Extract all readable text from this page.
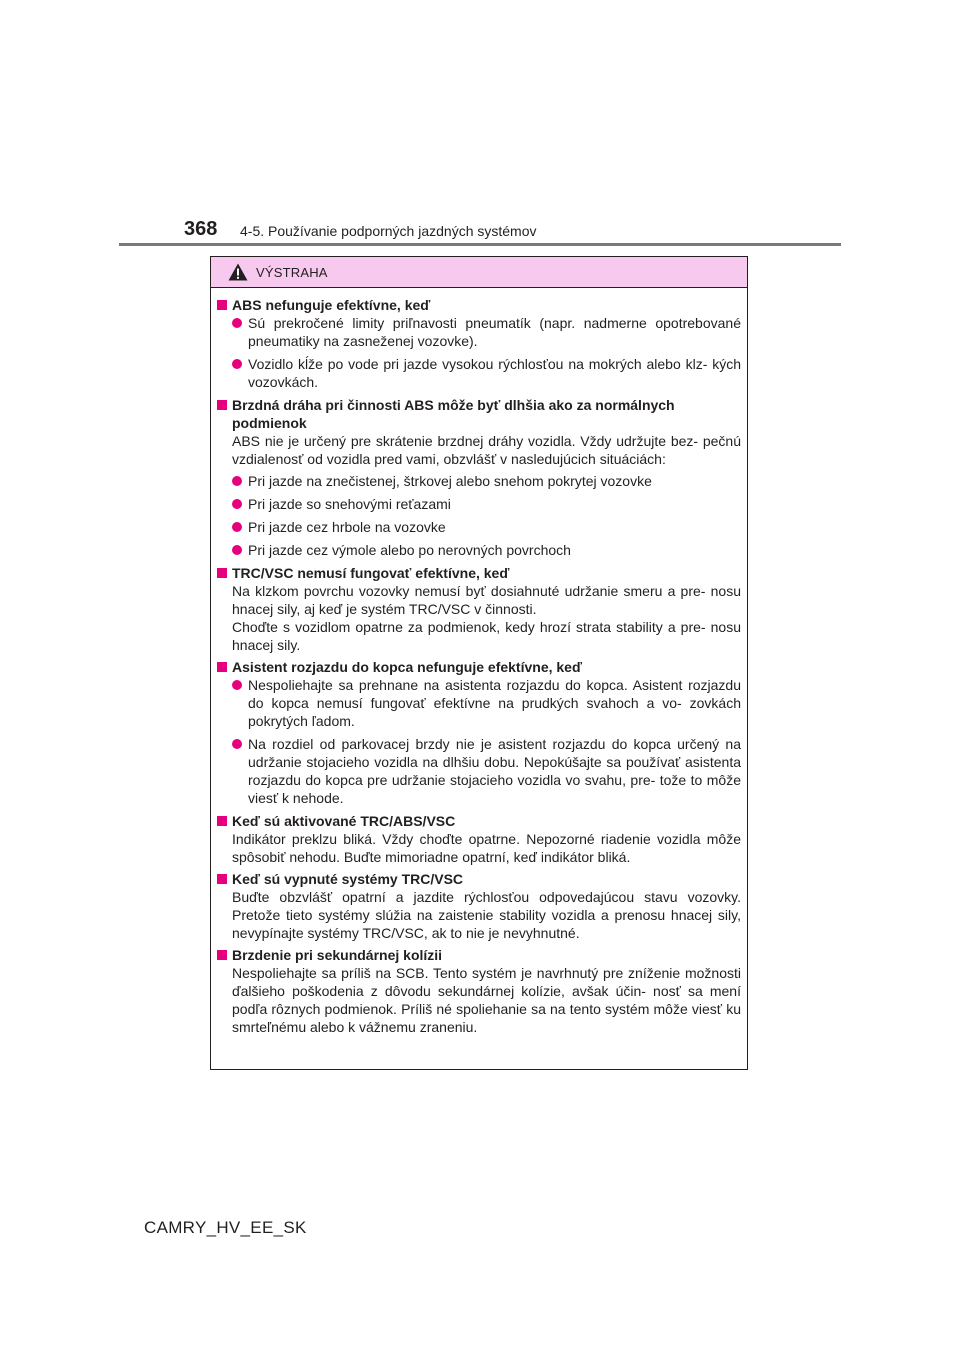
368 4-5. Používanie podporných jazdných systémov
VÝSTRAHA
ABS nefunguje efektívne, keď
Sú prekročené limity priľnavosti pneumatík (napr. nadmerne opotrebované pneumatiky na zasneženej vozovke).
Vozidlo kĺže po vode pri jazde vysokou rýchlosťou na mokrých alebo klz- kých vozovkách.
Brzdná dráha pri činnosti ABS môže byť dlhšia ako za normálnych podmienok
ABS nie je určený pre skrátenie brzdnej dráhy vozidla. Vždy udržujte bez- pečnú vzdialenosť od vozidla pred vami, obzvlášť v nasledujúcich situáciách:
Pri jazde na znečistenej, štrkovej alebo snehom pokrytej vozovke
Pri jazde so snehovými reťazami
Pri jazde cez hrbole na vozovke
Pri jazde cez výmole alebo po nerovných povrchoch
TRC/VSC nemusí fungovať efektívne, keď
Na klzkom povrchu vozovky nemusí byť dosiahnuté udržanie smeru a pre- nosu hnacej sily, aj keď je systém TRC/VSC v činnosti.
Choďte s vozidlom opatrne za podmienok, kedy hrozí strata stability a pre- nosu hnacej sily.
Asistent rozjazdu do kopca nefunguje efektívne, keď
Nespoliehajte sa prehnane na asistenta rozjazdu do kopca. Asistent rozjazdu do kopca nemusí fungovať efektívne na prudkých svahoch a vo- zovkách pokrytých ľadom.
Na rozdiel od parkovacej brzdy nie je asistent rozjazdu do kopca určený na udržanie stojacieho vozidla na dlhšiu dobu. Nepokúšajte sa používať asistenta rozjazdu do kopca pre udržanie stojacieho vozidla vo svahu, pre- tože to môže viesť k nehode.
Keď sú aktivované TRC/ABS/VSC
Indikátor preklzu bliká. Vždy choďte opatrne. Nepozorné riadenie vozidla môže spôsobiť nehodu. Buďte mimoriadne opatrní, keď indikátor bliká.
Keď sú vypnuté systémy TRC/VSC
Buďte obzvlášť opatrní a jazdite rýchlosťou odpovedajúcou stavu vozovky. Pretože tieto systémy slúžia na zaistenie stability vozidla a prenosu hnacej sily, nevypínajte systémy TRC/VSC, ak to nie je nevyhnutné.
Brzdenie pri sekundárnej kolízii
Nespoliehajte sa príliš na SCB. Tento systém je navrhnutý pre zníženie možnosti ďalšieho poškodenia z dôvodu sekundárnej kolízie, avšak účin- nosť sa mení podľa rôznych podmienok. Príliš né spoliehanie sa na tento systém môže viesť ku smrteľnému alebo k vážnemu zraneniu.
CAMRY_HV_EE_SK
